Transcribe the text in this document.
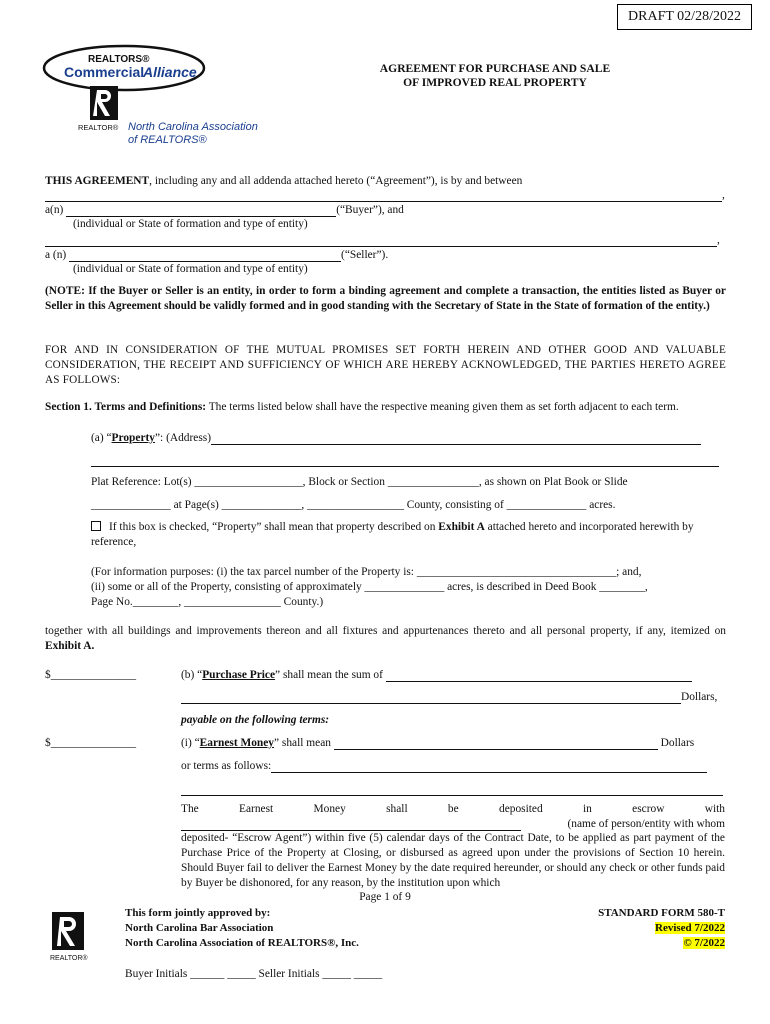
DRAFT 02/28/2022
REALTORS®
Commercial
Alliance
REALTOR® North Carolina Association
of REALTORS®
AGREEMENT FOR PURCHASE AND SALE
OF IMPROVED REAL PROPERTY
THIS AGREEMENT, including any and all addenda attached hereto (“Agreement”), is by and between
,
a(n)	(“Buyer”), and
(individual or State of formation and type of entity)
,
a (n)	(“Seller”).
(individual or State of formation and type of entity)
(NOTE: If the Buyer or Seller is an entity, in order to form a binding agreement and complete a transaction, the entities listed as Buyer or Seller in this Agreement should be validly formed and in good standing with the Secretary of State in the State of formation of the entity.)
FOR AND IN CONSIDERATION OF THE MUTUAL PROMISES SET FORTH HEREIN AND OTHER GOOD AND VALUABLE CONSIDERATION, THE RECEIPT AND SUFFICIENCY OF WHICH ARE HEREBY ACKNOWLEDGED, THE PARTIES HERETO AGREE AS FOLLOWS:
Section 1. Terms and Definitions: The terms listed below shall have the respective meaning given them as set forth adjacent to each term.
(a) “Property”: (Address)
Plat Reference: Lot(s) ___________________, Block or Section ________________, as shown on Plat Book or Slide
______________ at Page(s) ______________, _________________ County, consisting of ______________ acres.
If this box is checked, “Property” shall mean that property described on Exhibit A attached hereto and incorporated herewith by reference,
(For information purposes: (i) the tax parcel number of the Property is: ___________________________________; and,
(ii) some or all of the Property, consisting of approximately ______________ acres, is described in Deed Book ________,
Page No.________, _________________ County.)
together with all buildings and improvements thereon and all fixtures and appurtenances thereto and all personal property, if any, itemized on Exhibit A.
$_______________	(b) “Purchase Price” shall mean the sum of
Dollars,
payable on the following terms:
$_______________	(i) “Earnest Money” shall mean	Dollars
or terms as follows:
The	Earnest	Money	shall	be	deposited	in	escrow	with
(name of person/entity with whom
deposited- “Escrow Agent”) within five (5) calendar days of the Contract Date, to be applied as part payment of the Purchase Price of the Property at Closing, or disbursed as agreed upon under the provisions of Section 10 herein. Should Buyer fail to deliver the Earnest Money by the date required hereunder, or should any check or other funds paid by Buyer be dishonored, for any reason, by the institution upon which
Page 1 of 9
REALTOR®
This form jointly approved by:
North Carolina Bar Association
North Carolina Association of REALTORS®, Inc.
STANDARD FORM 580-T
Revised 7/2022
© 7/2022
Buyer Initials ______ _____ Seller Initials _____ _____
